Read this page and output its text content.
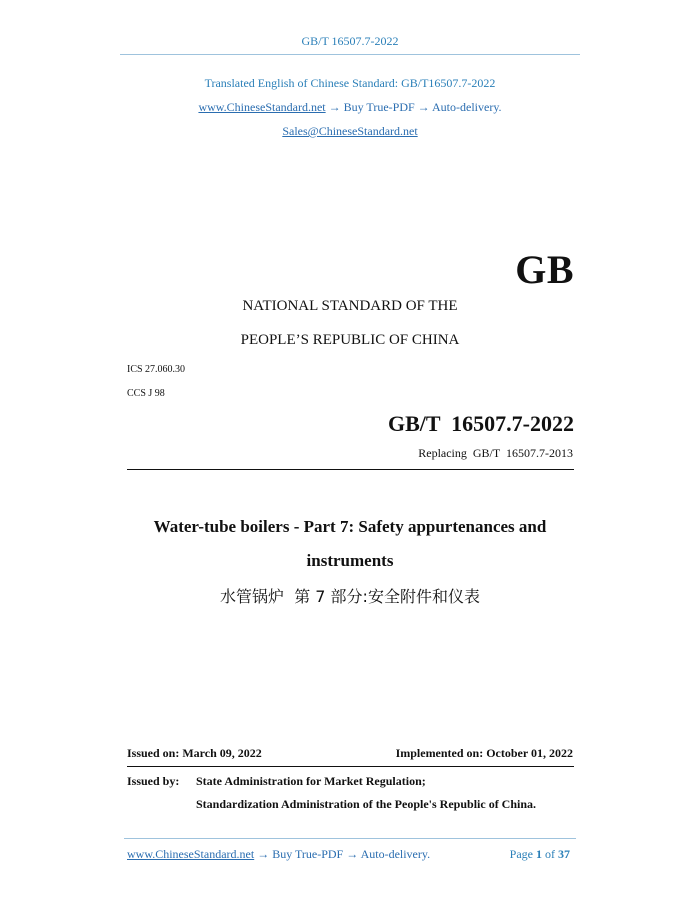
GB/T 16507.7-2022
Translated English of Chinese Standard: GB/T16507.7-2022
www.ChineseStandard.net → Buy True-PDF → Auto-delivery.
Sales@ChineseStandard.net
GB
NATIONAL STANDARD OF THE
PEOPLE’S REPUBLIC OF CHINA
ICS 27.060.30
CCS J 98
GB/T  16507.7-2022
Replacing  GB/T  16507.7-2013
Water-tube boilers - Part 7: Safety appurtenances and
instruments
水管锅炉  第 7 部分:安全附件和仪表
Issued on: March 09, 2022	Implemented on: October 01, 2022
Issued by: State Administration for Market Regulation;
Standardization Administration of the People's Republic of China.
www.ChineseStandard.net → Buy True-PDF → Auto-delivery.	Page 1 of 37
